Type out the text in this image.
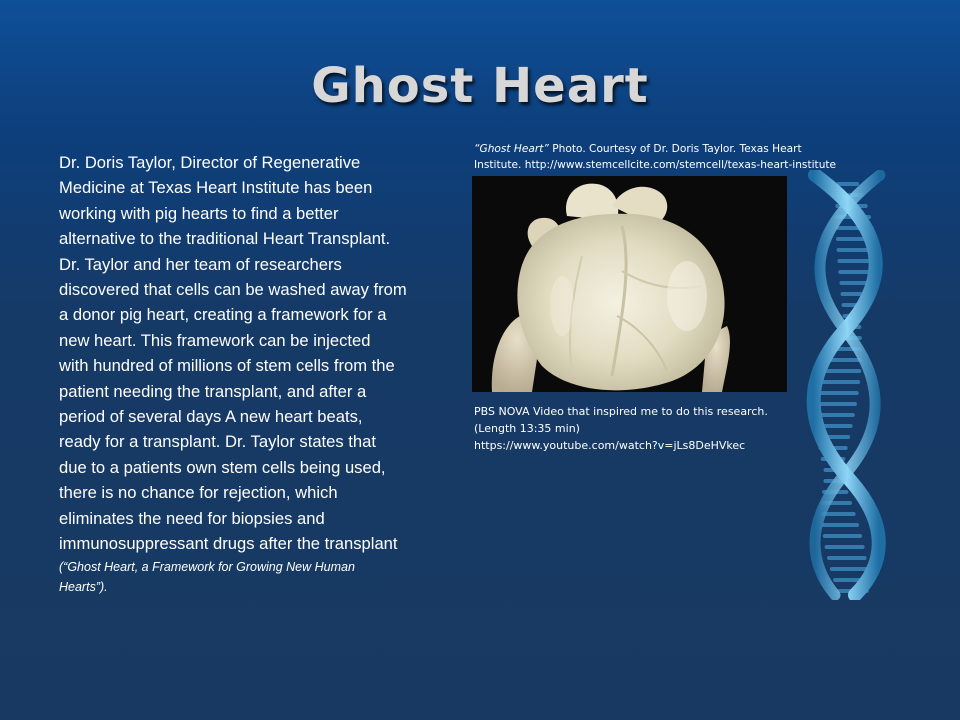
Ghost Heart
Dr. Doris Taylor, Director of Regenerative
Medicine at Texas Heart Institute has been
working with pig hearts to find a better
alternative to the traditional Heart Transplant.
Dr. Taylor and her team of researchers
discovered that cells can be washed away from
a donor pig heart, creating a framework for a
new heart. This framework can be injected
with hundred of millions of stem cells from the
patient needing the transplant, and after a
period of several days A new heart beats,
ready for a transplant. Dr. Taylor states that
due to a patients own stem cells being used,
there is no chance for rejection, which
eliminates the need for biopsies and
immunosuppressant drugs after the transplant
(“Ghost Heart, a Framework for Growing New Human
Hearts”).
“Ghost Heart” Photo. Courtesy of Dr. Doris Taylor. Texas Heart
Institute. http://www.stemcellcite.com/stemcell/texas-heart-institute
PBS NOVA Video that inspired me to do this research.
(Length 13:35 min)
https://www.youtube.com/watch?v=jLs8DeHVkec
